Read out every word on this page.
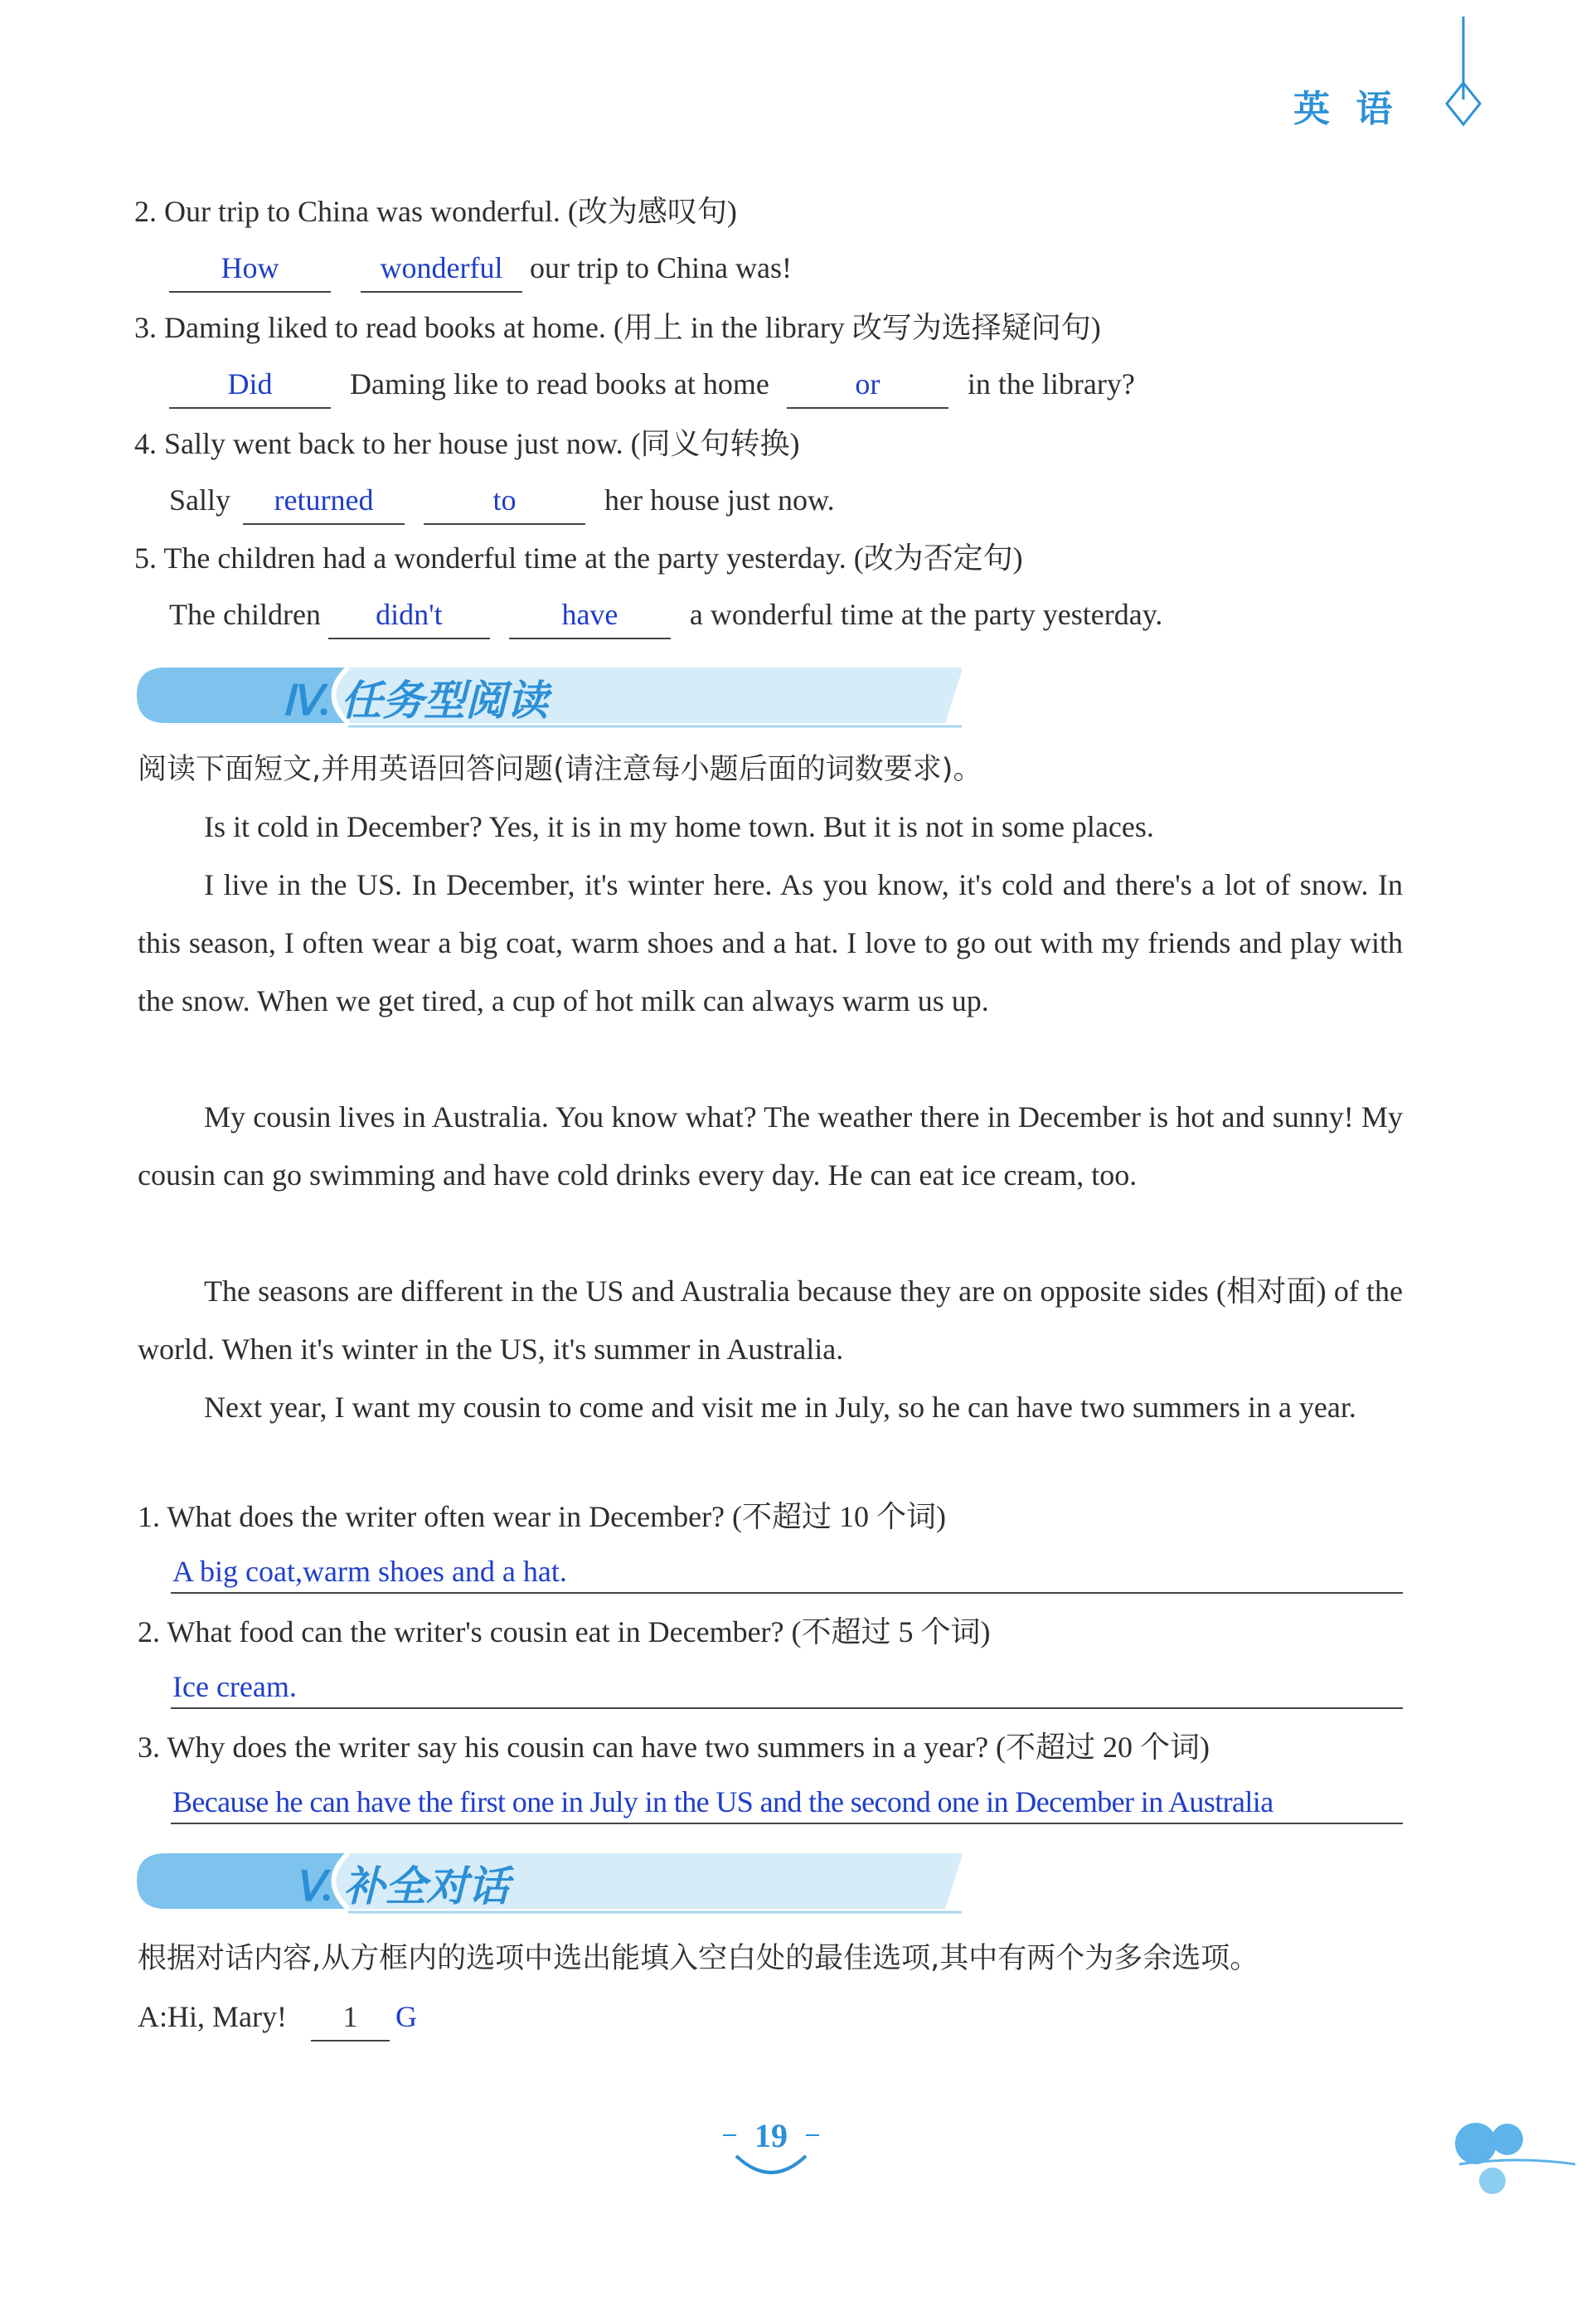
英 语
2. Our trip to China was wonderful. (改为感叹句)
How	wonderful our trip to China was!
3. Daming liked to read books at home. (用上 in the library 改写为选择疑问句)
Did	Daming like to read books at home	or	in the library?
4. Sally went back to her house just now. (同义句转换)
Sally returned	to	her house just now.
5. The children had a wonderful time at the party yesterday. (改为否定句)
The children didn't	have a wonderful time at the party yesterday.
Ⅳ. 任务型阅读
阅读下面短文,并用英语回答问题(请注意每小题后面的词数要求)。
Is it cold in December? Yes, it is in my home town. But it is not in some places.
I live in the US. In December, it's winter here. As you know, it's cold and there's a lot of snow. In this season, I often wear a big coat, warm shoes and a hat. I love to go out with my friends and play with the snow. When we get tired, a cup of hot milk can always warm us up.
My cousin lives in Australia. You know what? The weather there in December is hot and sunny! My cousin can go swimming and have cold drinks every day. He can eat ice cream, too.
The seasons are different in the US and Australia because they are on opposite sides (相对面) of the world. When it's winter in the US, it's summer in Australia.
Next year, I want my cousin to come and visit me in July, so he can have two summers in a year.
1. What does the writer often wear in December? (不超过 10 个词)
A big coat,warm shoes and a hat.
2. What food can the writer's cousin eat in December? (不超过 5 个词)
Ice cream.
3. Why does the writer say his cousin can have two summers in a year? (不超过 20 个词)
Because he can have the first one in July in the US and the second one in December in Australia
Ⅴ. 补全对话
根据对话内容,从方框内的选项中选出能填入空白处的最佳选项,其中有两个为多余选项。
A:Hi, Mary! 1 G
19
